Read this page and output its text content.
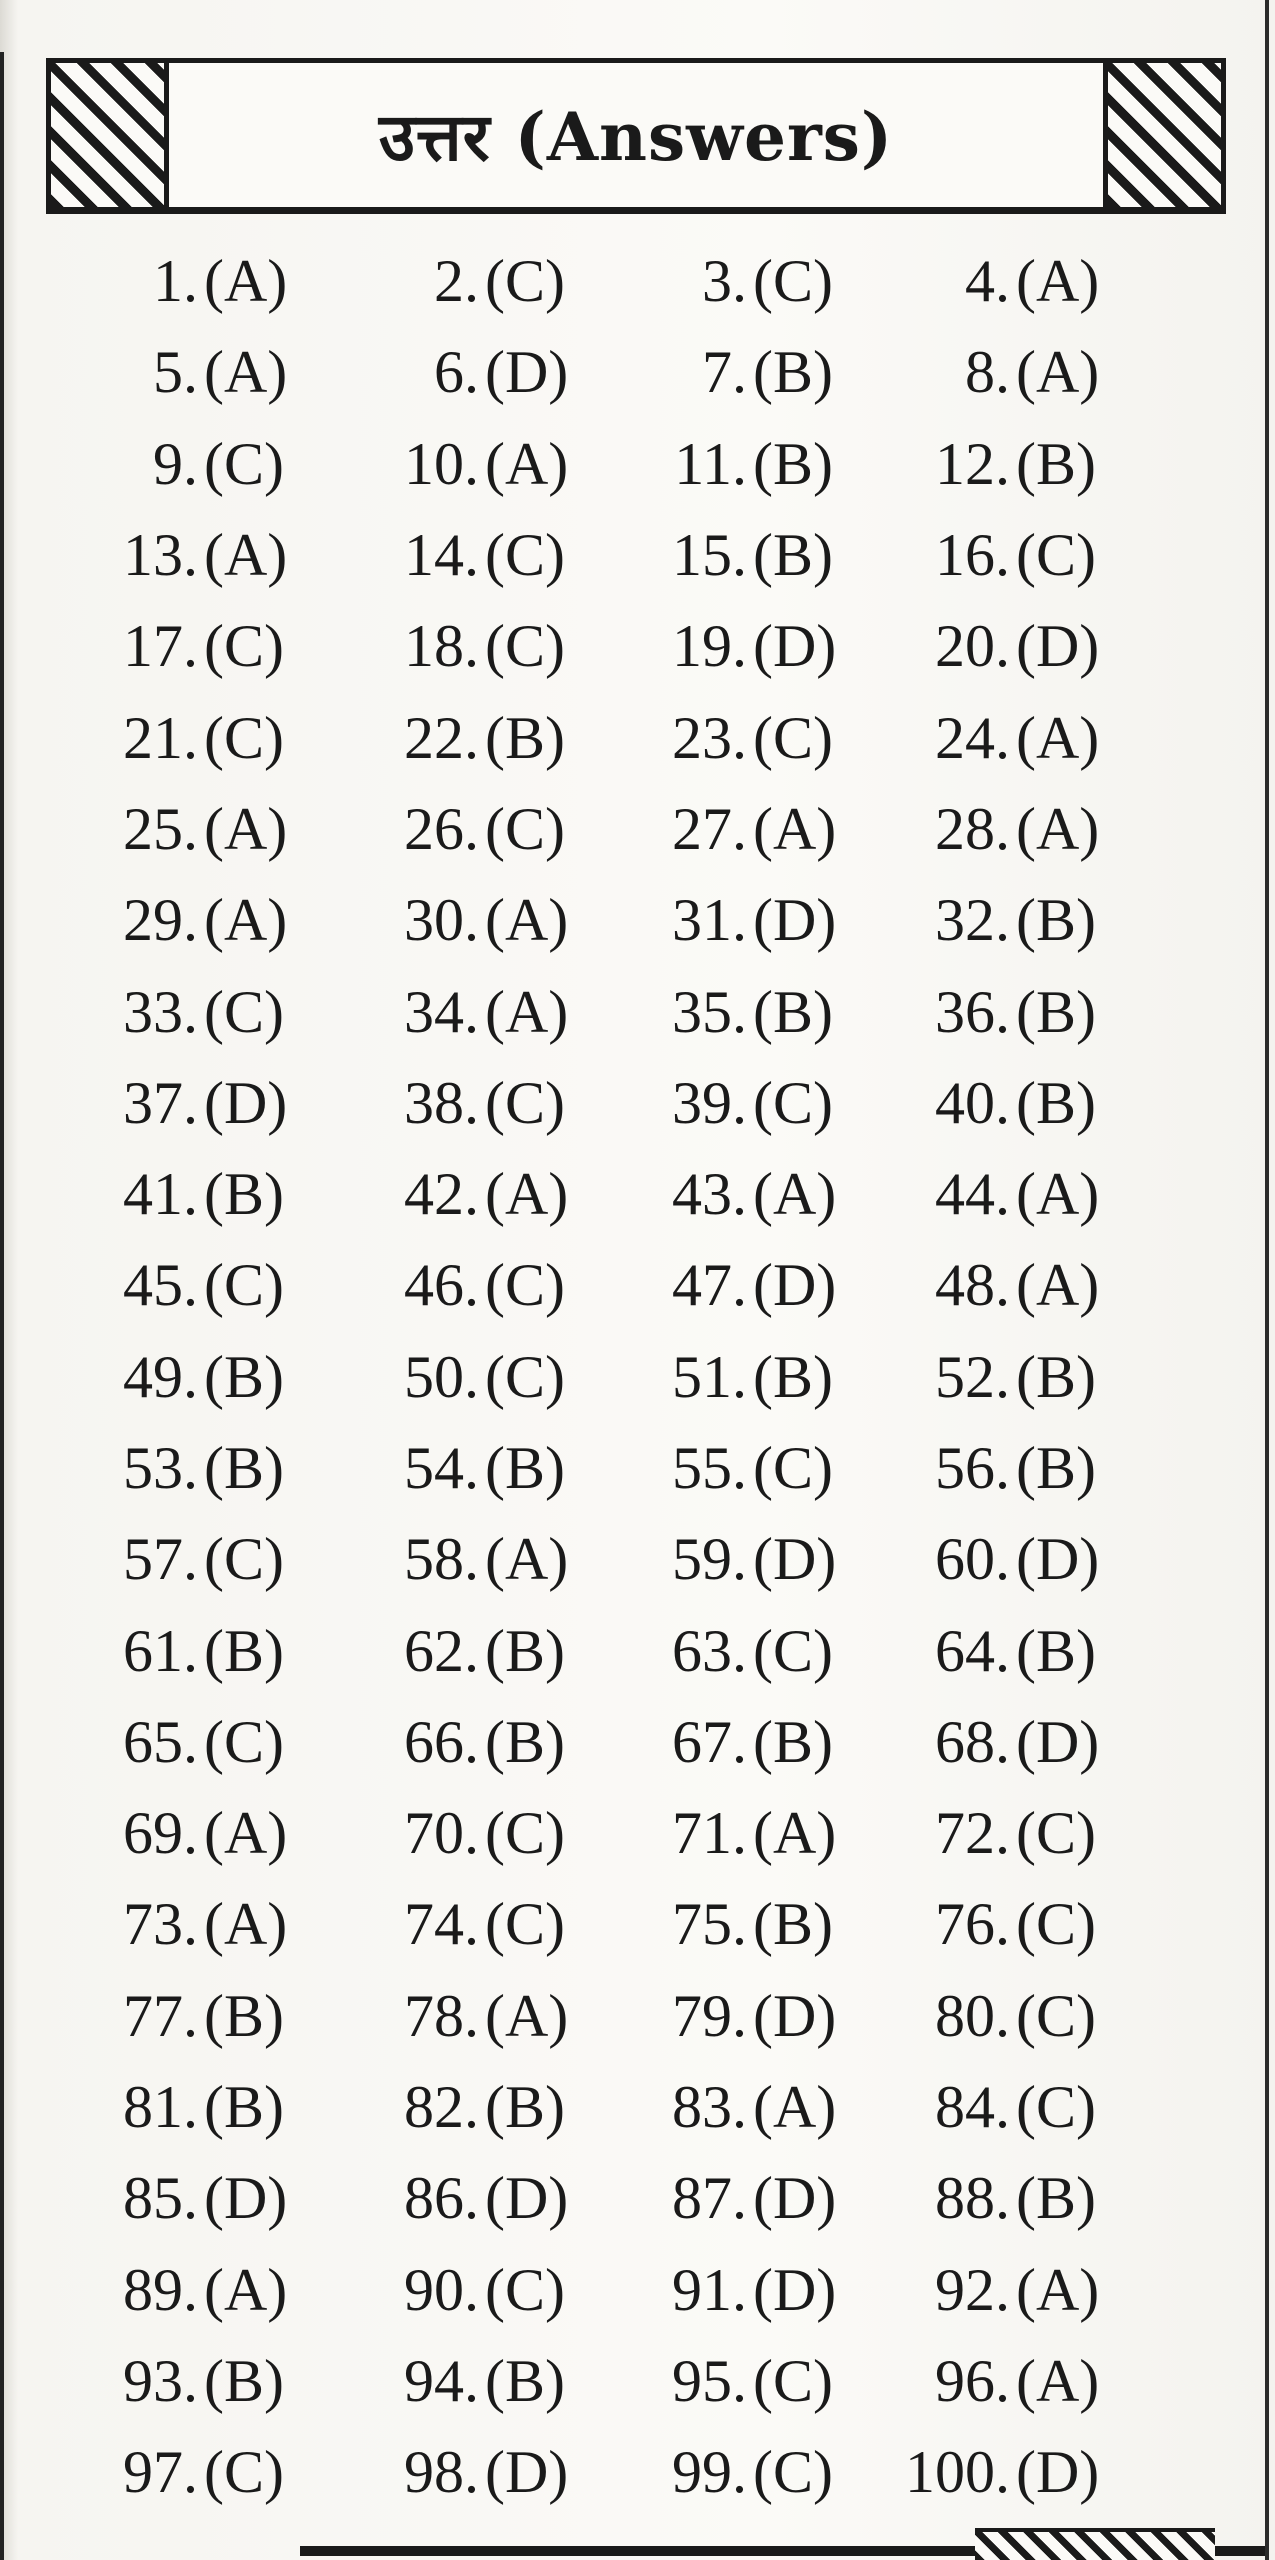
उत्तर (Answers)
1. (A)	2. (C)	3. (C)	4. (A)
5. (A)	6. (D)	7. (B)	8. (A)
9. (C)	10. (A)	11. (B)	12. (B)
13. (A)	14. (C)	15. (B)	16. (C)
17. (C)	18. (C)	19. (D)	20. (D)
21. (C)	22. (B)	23. (C)	24. (A)
25. (A)	26. (C)	27. (A)	28. (A)
29. (A)	30. (A)	31. (D)	32. (B)
33. (C)	34. (A)	35. (B)	36. (B)
37. (D)	38. (C)	39. (C)	40. (B)
41. (B)	42. (A)	43. (A)	44. (A)
45. (C)	46. (C)	47. (D)	48. (A)
49. (B)	50. (C)	51. (B)	52. (B)
53. (B)	54. (B)	55. (C)	56. (B)
57. (C)	58. (A)	59. (D)	60. (D)
61. (B)	62. (B)	63. (C)	64. (B)
65. (C)	66. (B)	67. (B)	68. (D)
69. (A)	70. (C)	71. (A)	72. (C)
73. (A)	74. (C)	75. (B)	76. (C)
77. (B)	78. (A)	79. (D)	80. (C)
81. (B)	82. (B)	83. (A)	84. (C)
85. (D)	86. (D)	87. (D)	88. (B)
89. (A)	90. (C)	91. (D)	92. (A)
93. (B)	94. (B)	95. (C)	96. (A)
97. (C)	98. (D)	99. (C) 100. (D)
